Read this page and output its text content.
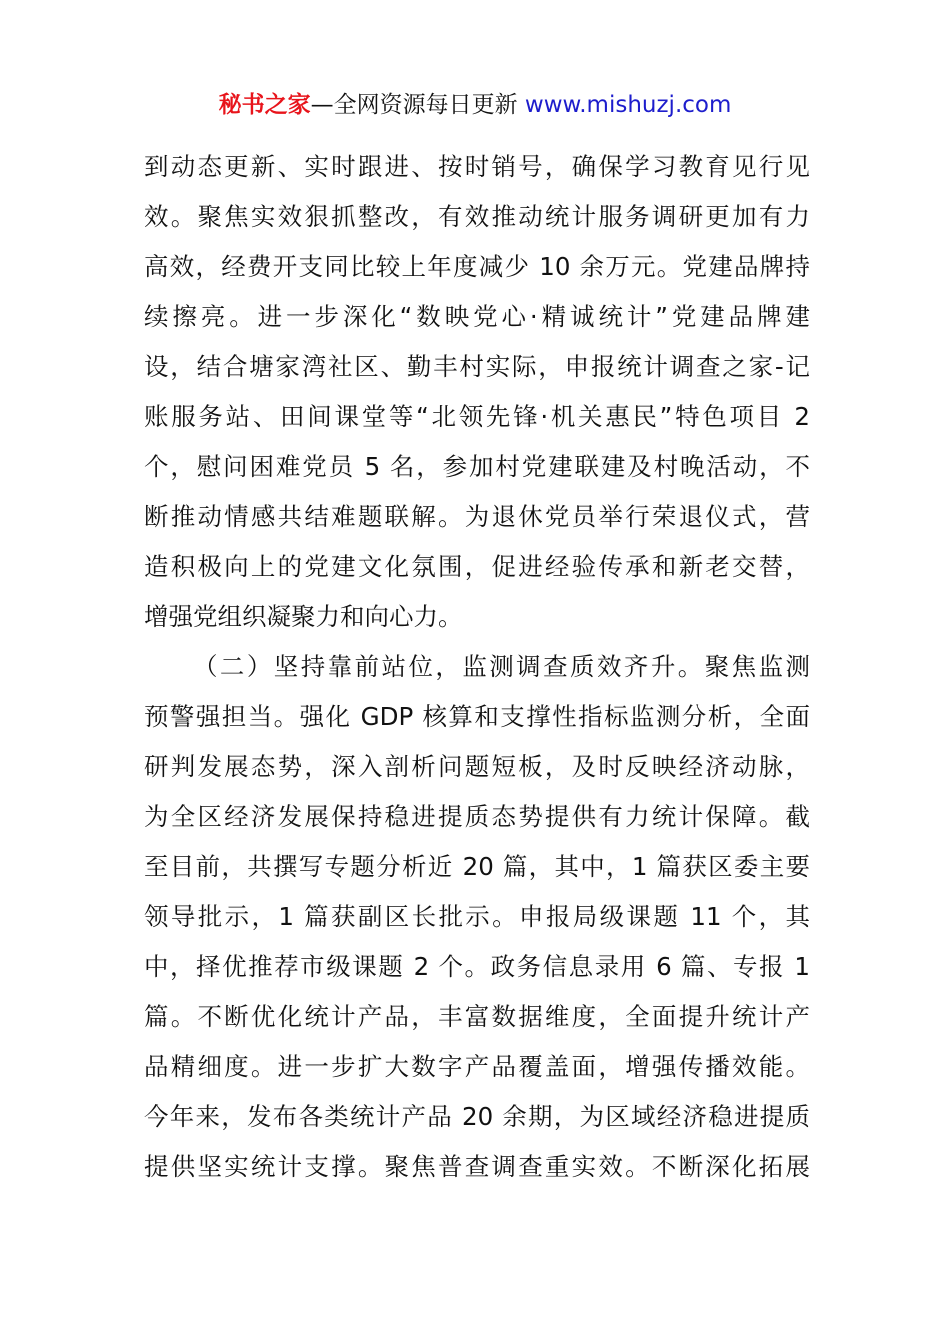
秘书之家—全网资源每日更新 www.mishuzj.com
到动态更新、实时跟进、按时销号，确保学习教育见行见
效。聚焦实效狠抓整改，有效推动统计服务调研更加有力
高效，经费开支同比较上年度减少 10 余万元。党建品牌持
续擦亮。进一步深化“数映党心·精诚统计”党建品牌建
设，结合塘家湾社区、勤丰村实际，申报统计调查之家-记
账服务站、田间课堂等“北领先锋·机关惠民”特色项目 2
个，慰问困难党员 5 名，参加村党建联建及村晚活动，不
断推动情感共结难题联解。为退休党员举行荣退仪式，营
造积极向上的党建文化氛围，促进经验传承和新老交替，
增强党组织凝聚力和向心力。
（二）坚持靠前站位，监测调查质效齐升。聚焦监测
预警强担当。强化 GDP 核算和支撑性指标监测分析，全面
研判发展态势，深入剖析问题短板，及时反映经济动脉，
为全区经济发展保持稳进提质态势提供有力统计保障。截
至目前，共撰写专题分析近 20 篇，其中，1 篇获区委主要
领导批示，1 篇获副区长批示。申报局级课题 11 个，其
中，择优推荐市级课题 2 个。政务信息录用 6 篇、专报 1
篇。不断优化统计产品，丰富数据维度，全面提升统计产
品精细度。进一步扩大数字产品覆盖面，增强传播效能。
今年来，发布各类统计产品 20 余期，为区域经济稳进提质
提供坚实统计支撑。聚焦普查调查重实效。不断深化拓展
